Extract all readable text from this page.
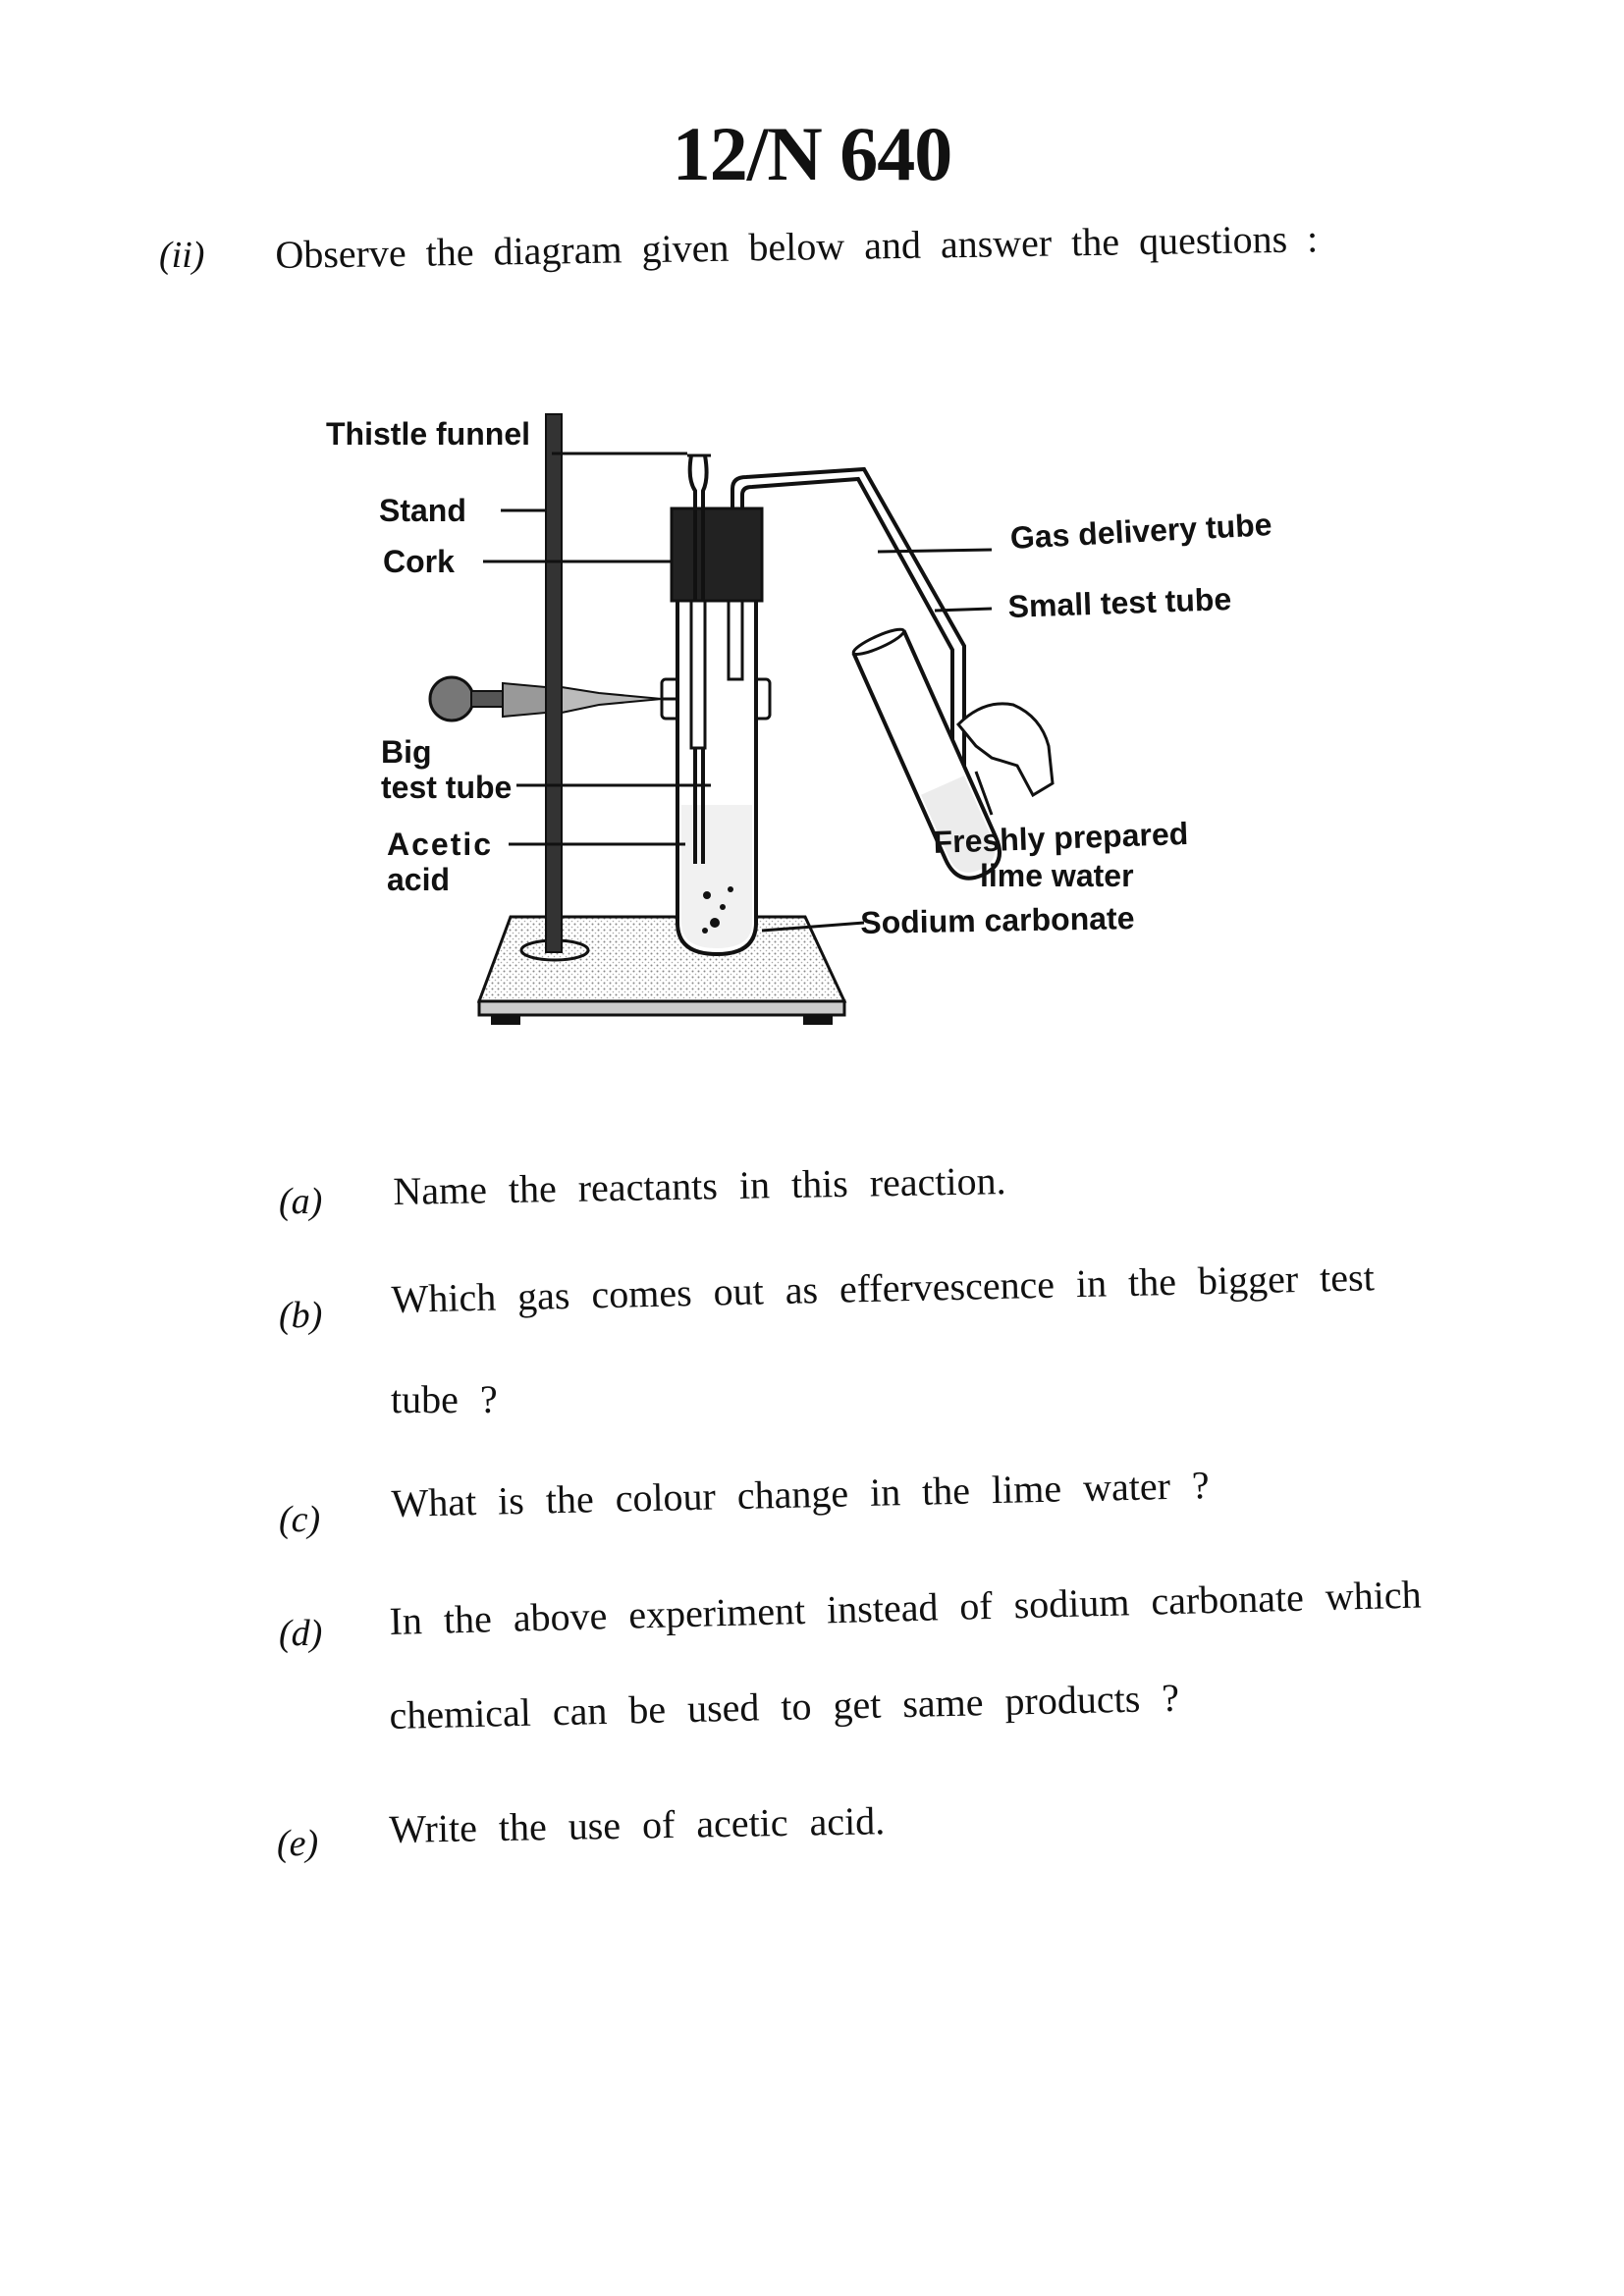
12/N 640
(ii) Observe the diagram given below and answer the questions :
Thistle funnel
Stand
Cork
Big
test tube
Acetic
acid
Gas delivery tube
Small test tube
Freshly prepared
lime water
Sodium carbonate
(a) Name the reactants in this reaction.
(b) Which gas comes out as effervescence in the bigger test
tube ?
(c) What is the colour change in the lime water ?
(d) In the above experiment instead of sodium carbonate which
chemical can be used to get same products ?
(e) Write the use of acetic acid.
